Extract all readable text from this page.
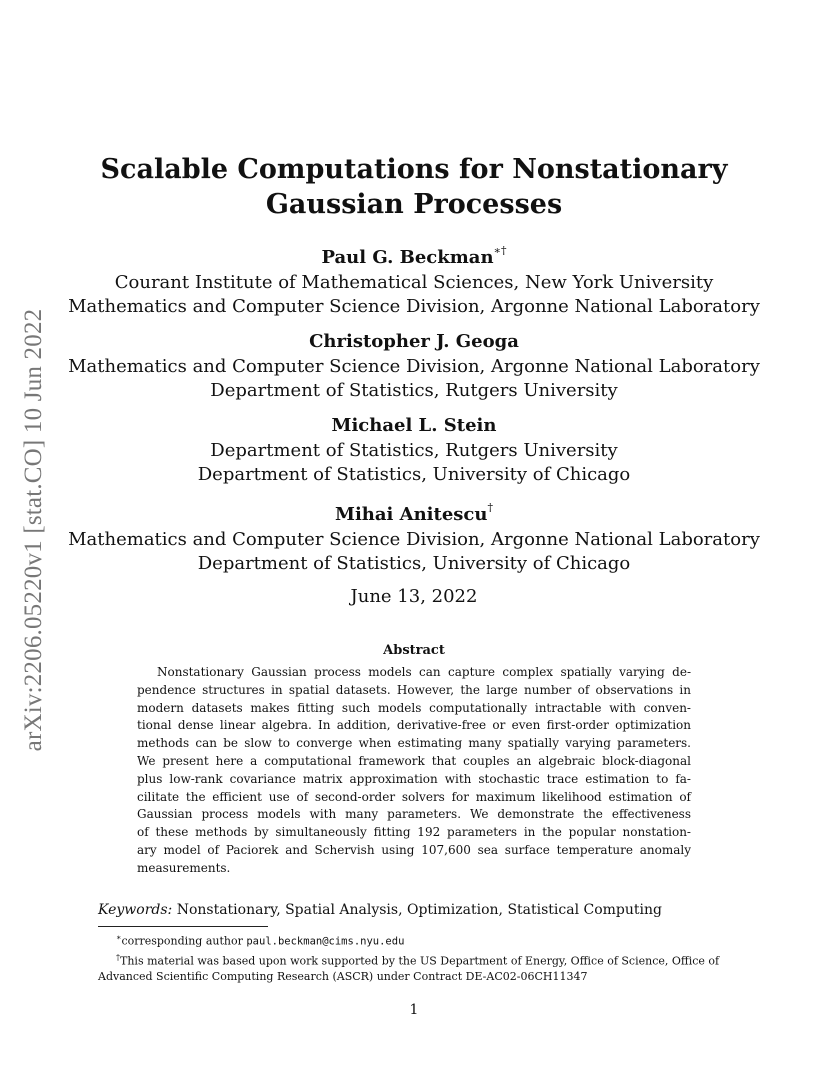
arXiv:2206.05220v1 [stat.CO] 10 Jun 2022
Scalable Computations for Nonstationary
Gaussian Processes
Paul G. Beckman∗†
Courant Institute of Mathematical Sciences, New York University
Mathematics and Computer Science Division, Argonne National Laboratory
Christopher J. Geoga
Mathematics and Computer Science Division, Argonne National Laboratory
Department of Statistics, Rutgers University
Michael L. Stein
Department of Statistics, Rutgers University
Department of Statistics, University of Chicago
Mihai Anitescu†
Mathematics and Computer Science Division, Argonne National Laboratory
Department of Statistics, University of Chicago
June 13, 2022
Abstract
Nonstationary Gaussian process models can capture complex spatially varying de-
pendence structures in spatial datasets. However, the large number of observations in
modern datasets makes fitting such models computationally intractable with conven-
tional dense linear algebra. In addition, derivative-free or even first-order optimization
methods can be slow to converge when estimating many spatially varying parameters.
We present here a computational framework that couples an algebraic block-diagonal
plus low-rank covariance matrix approximation with stochastic trace estimation to fa-
cilitate the efficient use of second-order solvers for maximum likelihood estimation of
Gaussian process models with many parameters. We demonstrate the effectiveness
of these methods by simultaneously fitting 192 parameters in the popular nonstation-
ary model of Paciorek and Schervish using 107,600 sea surface temperature anomaly
measurements.
Keywords: Nonstationary, Spatial Analysis, Optimization, Statistical Computing
∗corresponding author paul.beckman@cims.nyu.edu
†This material was based upon work supported by the US Department of Energy, Office of Science, Office of Advanced Scientific Computing Research (ASCR) under Contract DE-AC02-06CH11347
1
